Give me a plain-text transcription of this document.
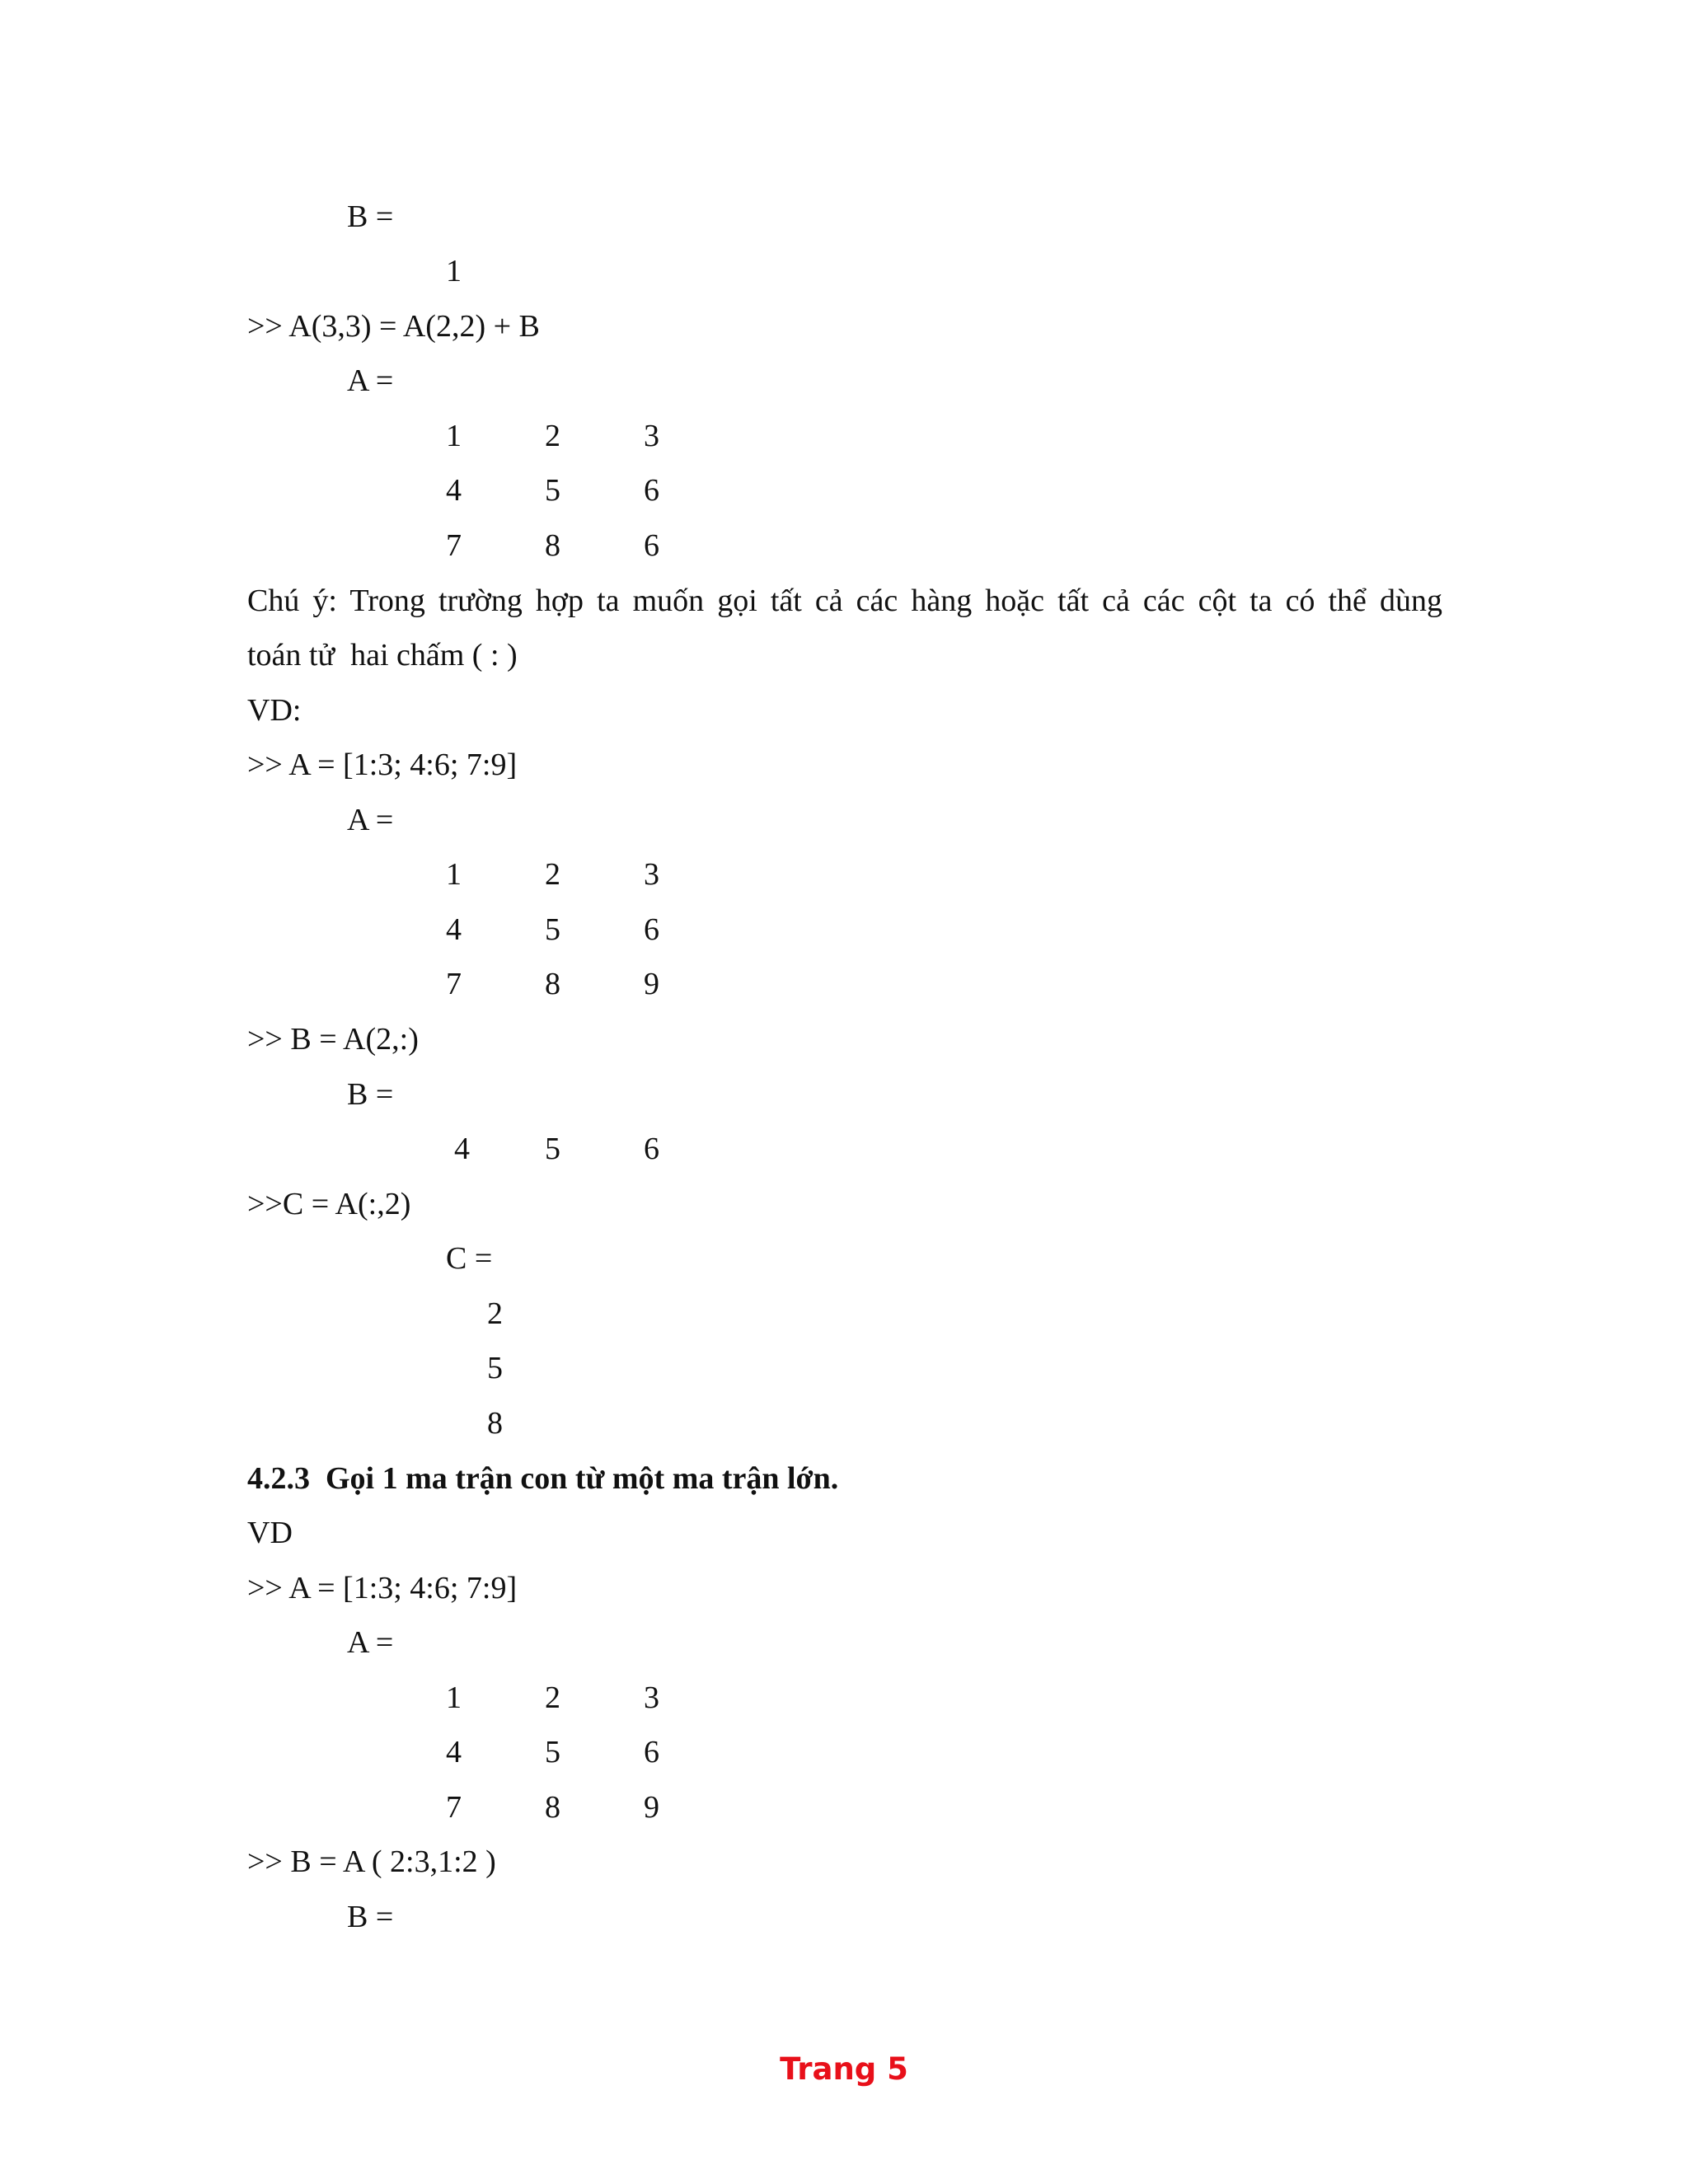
B =
1
>> A(3,3) = A(2,2) + B
A =
1	2	3
4	5	6
7	8	6
Chú ý: Trong trường hợp ta muốn gọi tất cả các hàng hoặc tất cả các cột ta có thể dùng
toán tử  hai chấm ( : )
VD:
>> A = [1:3; 4:6; 7:9]
A =
1	2	3
4	5	6
7	8	9
>> B = A(2,:)
B =
4 5	6
>>C = A(:,2)
C =
2
5
8
4.2.3  Gọi 1 ma trận con từ một ma trận lớn.
VD
>> A = [1:3; 4:6; 7:9]
A =
1	2	3
4	5	6
7	8	9
>> B = A ( 2:3,1:2 )
B =
Trang 5
